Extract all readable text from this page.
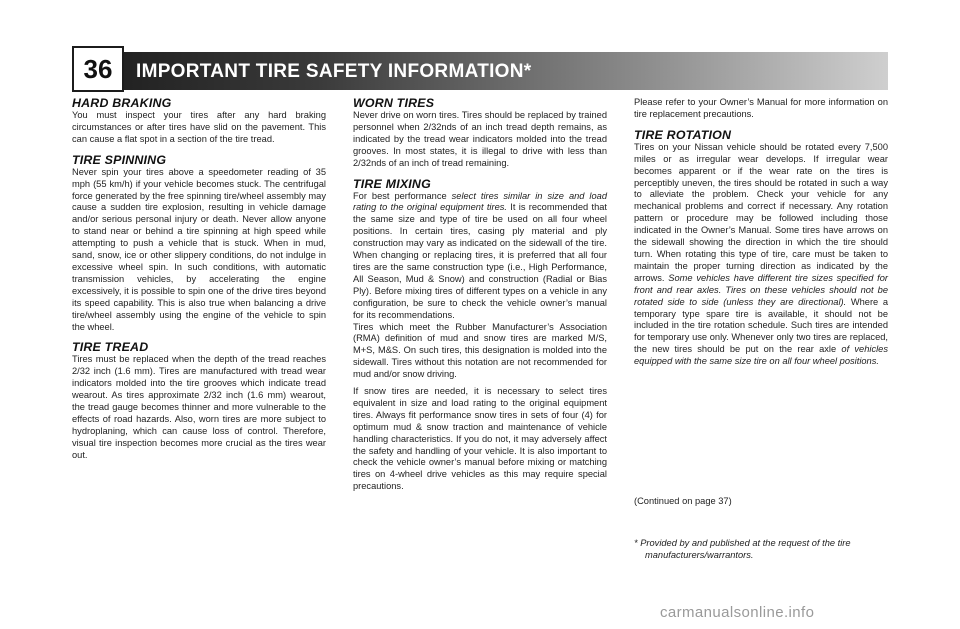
36	IMPORTANT TIRE SAFETY INFORMATION*
HARD BRAKING

You must inspect your tires after any hard braking circumstances or after tires have slid on the pavement. This can cause a flat spot in a section of the tire tread.

TIRE SPINNING

Never spin your tires above a speedometer reading of 35 mph (55 km/h) if your vehicle becomes stuck. The centrifugal force generated by the free spinning tire/wheel assembly may cause a sudden tire explosion, resulting in vehicle damage and/or serious personal injury or death. Never allow anyone to stand near or behind a tire spinning at high speed while attempting to push a vehicle that is stuck. When in mud, sand, snow, ice or other slippery conditions, do not indulge in excessive wheel spin. In such conditions, with automatic transmission vehicles, by accelerating the engine excessively, it is possible to spin one of the drive tires beyond its speed capability. This is also true when balancing a drive tire/wheel assembly using the engine of the vehicle to spin the wheel.

TIRE TREAD

Tires must be replaced when the depth of the tread reaches 2/32 inch (1.6 mm). Tires are manufactured with tread wear indicators molded into the tire grooves which indicate tread wearout. As tires approximate 2/32 inch (1.6 mm) wearout, the tread gauge becomes thinner and more vulnerable to the effects of road hazards. Also, worn tires are more subject to hydroplaning, which can cause loss of control. Therefore, visual tire inspection becomes more crucial as the tires wear out.

WORN TIRES

Never drive on worn tires. Tires should be replaced by trained personnel when 2/32nds of an inch tread depth remains, as indicated by the tread wear indicators molded into the tread grooves. In most states, it is illegal to drive with less than 2/32nds of an inch of tread remaining.

TIRE MIXING

For best performance select tires similar in size and load rating to the original equipment tires. It is recommended that the same size and type of tire be used on all four wheel positions. In certain tires, casing ply material and ply construction may vary as indicated on the sidewall of the tire. When changing or replacing tires, it is preferred that all four tires are the same construction type (i.e., High Performance, All Season, Mud & Snow) and construction (Radial or Bias Ply). Before mixing tires of different types on a vehicle in any configuration, be sure to check the vehicle owner’s manual for its recommendations.

Tires which meet the Rubber Manufacturer’s Association (RMA) definition of mud and snow tires are marked M/S, M+S, M&S. On such tires, this designation is molded into the sidewall. Tires without this notation are not recommended for mud and/or snow driving.

If snow tires are needed, it is necessary to select tires equivalent in size and load rating to the original equipment tires. Always fit performance snow tires in sets of four (4) for optimum mud & snow traction and maintenance of vehicle handling characteristics. If you do not, it may adversely affect the safety and handling of your vehicle. It is also important to check the vehicle owner’s manual before mixing or matching tires on 4-wheel drive vehicles as this may require special precautions.

Please refer to your Owner’s Manual for more information on tire replacement precautions.

TIRE ROTATION

Tires on your Nissan vehicle should be rotated every 7,500 miles or as irregular wear develops. If irregular wear becomes apparent or if the wear rate on the tires is perceptibly uneven, the tires should be rotated in such a way to alleviate the problem. Check your vehicle for any mechanical problems and correct if necessary. Any rotation pattern or procedure may be followed including those indicated in the Owner’s Manual. Some tires have arrows on the sidewall showing the direction in which the tire should turn. When rotating this type of tire, care must be taken to maintain the proper turning direction as indicated by the arrows. Some vehicles have different tire sizes specified for front and rear axles. Tires on these vehicles should not be rotated side to side (unless they are directional). Where a temporary type spare tire is available, it should not be included in the tire rotation schedule. Such tires are intended for temporary use only. Whenever only two tires are replaced, the new tires should be put on the rear axle of vehicles equipped with the same size tire on all four wheel positions.

(Continued on page 37)
* Provided by and published at the request of the tire manufacturers/warrantors.
carmanualsonline.info
